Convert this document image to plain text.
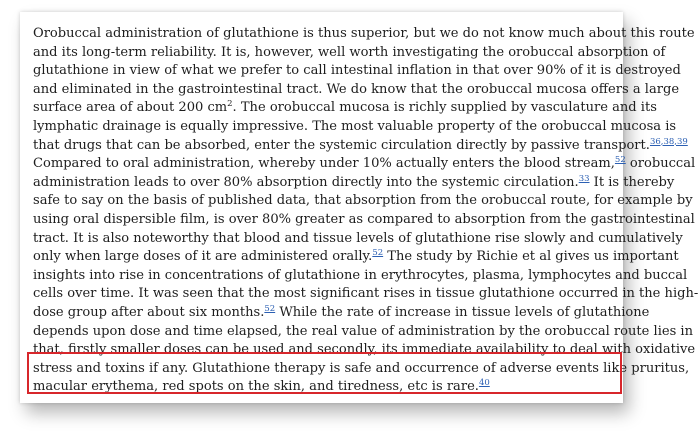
Orobuccal administration of glutathione is thus superior, but we do not know much about this route
and its long-term reliability. It is, however, well worth investigating the orobuccal absorption of
glutathione in view of what we prefer to call intestinal inflation in that over 90% of it is destroyed
and eliminated in the gastrointestinal tract. We do know that the orobuccal mucosa offers a large
surface area of about 200 $cm^2$. The orobuccal mucosa is richly supplied by vasculature and its
lymphatic drainage is equally impressive. The most valuable property of the orobuccal mucosa is
that drugs that can be absorbed, enter the systemic circulation directly by passive transport.$^{36,38,39}$
Compared to oral administration, whereby under 10% actually enters the blood stream,$^{52}$ orobuccal
administration leads to over 80% absorption directly into the systemic circulation.$^{33}$ It is thereby
safe to say on the basis of published data, that absorption from the orobuccal route, for example by
using oral dispersible film, is over 80% greater as compared to absorption from the gastrointestinal
tract. It is also noteworthy that blood and tissue levels of glutathione rise slowly and cumulatively
only when large doses of it are administered orally.$^{52}$ The study by Richie et al gives us important
insights into rise in concentrations of glutathione in erythrocytes, plasma, lymphocytes and buccal
cells over time. It was seen that the most significant rises in tissue glutathione occurred in the high-
dose group after about six months.$^{52}$ While the rate of increase in tissue levels of glutathione
depends upon dose and time elapsed, the real value of administration by the orobuccal route lies in
that, firstly smaller doses can be used and secondly, its immediate availability to deal with oxidative
stress and toxins if any. Glutathione therapy is safe and occurrence of adverse events like pruritus,
macular erythema, red spots on the skin, and tiredness, etc is rare.$^{40}$
